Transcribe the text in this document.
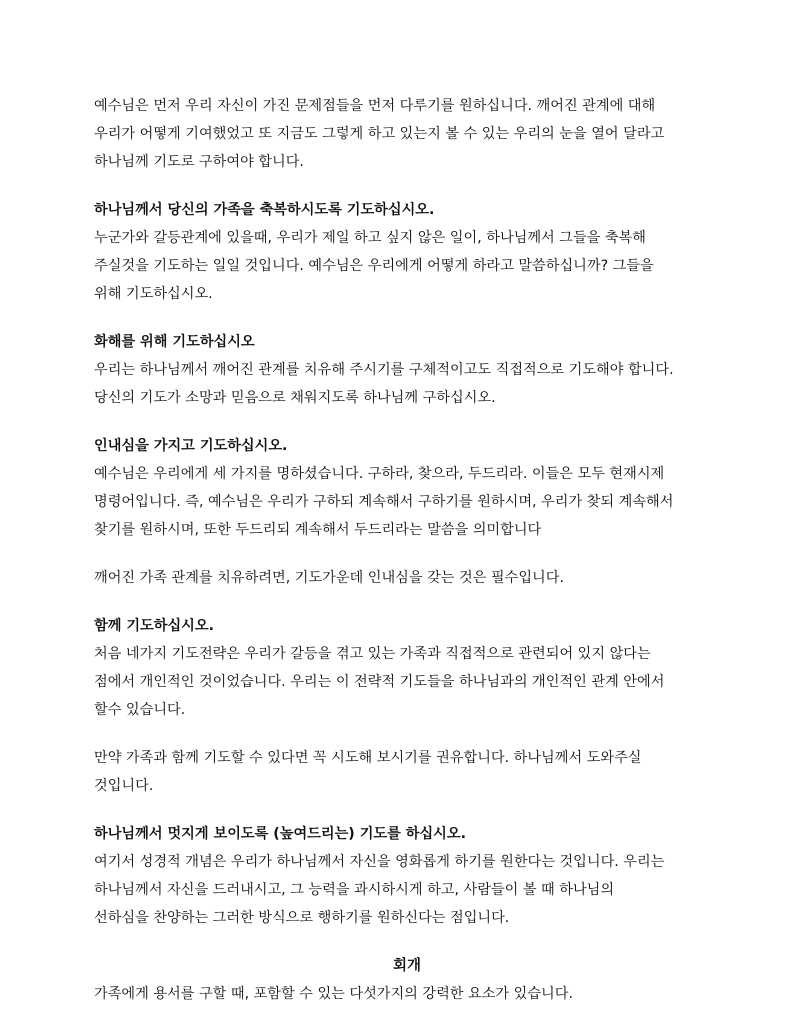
예수님은 먼저 우리 자신이 가진 문제점들을 먼저 다루기를 원하십니다. 깨어진 관계에 대해
우리가 어떻게 기여했었고 또 지금도 그렇게 하고 있는지 볼 수 있는 우리의 눈을 열어 달라고
하나님께 기도로 구하여야 합니다.

하나님께서 당신의 가족을 축복하시도록 기도하십시오.

누군가와 갈등관계에 있을때, 우리가 제일 하고 싶지 않은 일이, 하나님께서 그들을 축복해
주실것을 기도하는 일일 것입니다. 예수님은 우리에게 어떻게 하라고 말씀하십니까? 그들을
위해 기도하십시오.

화해를 위해 기도하십시오

우리는 하나님께서 깨어진 관계를 치유해 주시기를 구체적이고도 직접적으로 기도해야 합니다.
당신의 기도가 소망과 믿음으로 채워지도록 하나님께 구하십시오.

인내심을 가지고 기도하십시오.

예수님은 우리에게 세 가지를 명하셨습니다. 구하라, 찾으라, 두드리라. 이들은 모두 현재시제
명령어입니다. 즉, 예수님은 우리가 구하되 계속해서 구하기를 원하시며, 우리가 찾되 계속해서
찾기를 원하시며, 또한 두드리되 계속해서 두드리라는 말씀을 의미합니다

깨어진 가족 관계를 치유하려면, 기도가운데 인내심을 갖는 것은 필수입니다.

함께 기도하십시오.

처음 네가지 기도전략은 우리가 갈등을 겪고 있는 가족과 직접적으로 관련되어 있지 않다는
점에서 개인적인 것이었습니다. 우리는 이 전략적 기도들을 하나님과의 개인적인 관계 안에서
할수 있습니다.

만약 가족과 함께 기도할 수 있다면 꼭 시도해 보시기를 권유합니다. 하나님께서 도와주실
것입니다.

하나님께서 멋지게 보이도록 (높여드리는) 기도를 하십시오.

여기서 성경적 개념은 우리가 하나님께서 자신을 영화롭게 하기를 원한다는 것입니다. 우리는
하나님께서 자신을 드러내시고, 그 능력을 과시하시게 하고, 사람들이 볼 때 하나님의
선하심을 찬양하는 그러한 방식으로 행하기를 원하신다는 점입니다.

회개

가족에게 용서를 구할 때, 포함할 수 있는 다섯가지의 강력한 요소가 있습니다.
